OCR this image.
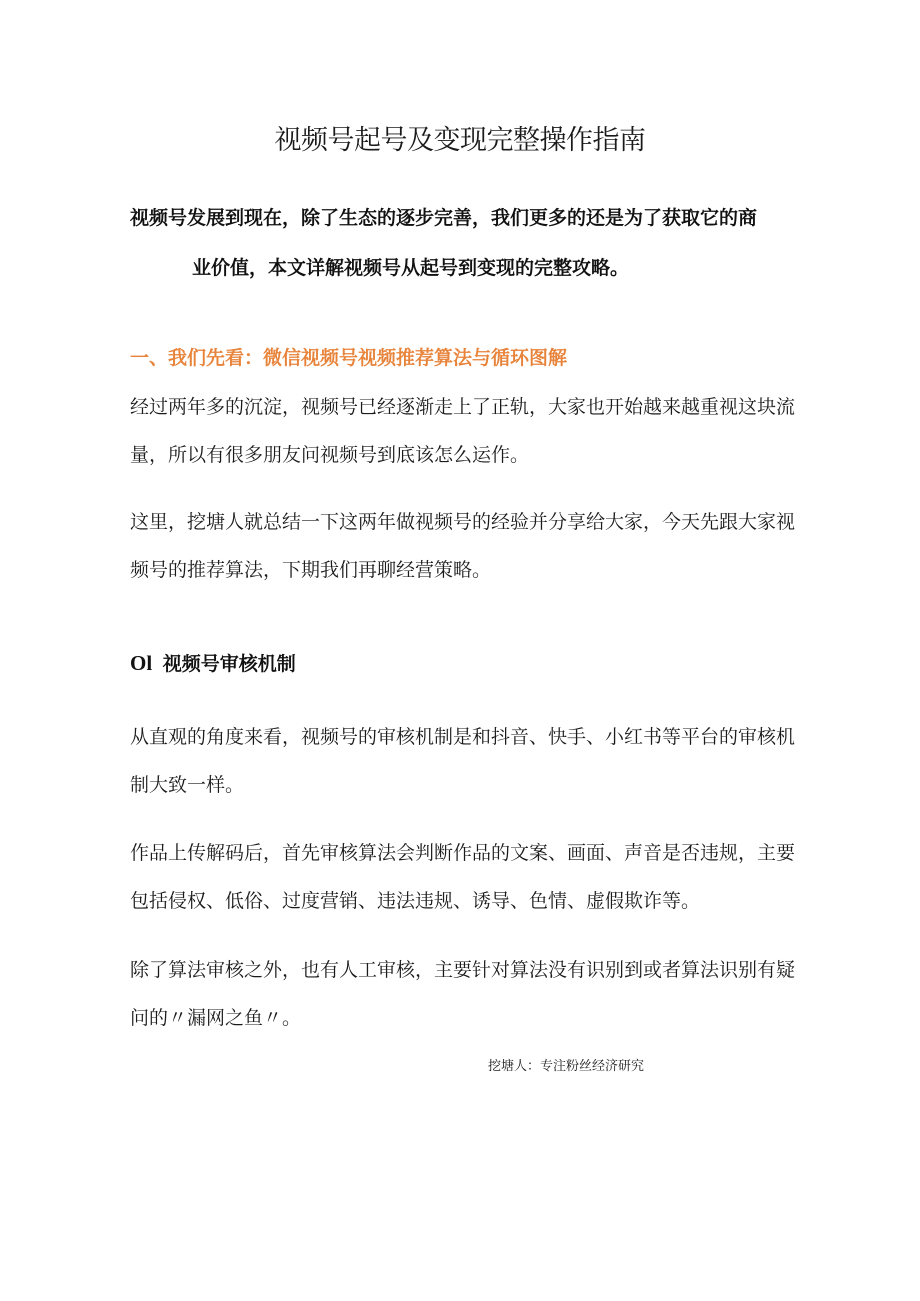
视频号起号及变现完整操作指南

视频号发展到现在，除了生态的逐步完善，我们更多的还是为了获取它的商
业价值，本文详解视频号从起号到变现的完整攻略。

一、我们先看：微信视频号视频推荐算法与循环图解

经过两年多的沉淀，视频号已经逐渐走上了正轨，大家也开始越来越重视这块流量，所以有很多朋友问视频号到底该怎么运作。

这里，挖塘人就总结一下这两年做视频号的经验并分享给大家，今天先跟大家视频号的推荐算法，下期我们再聊经营策略。

Ol 视频号审核机制

从直观的角度来看，视频号的审核机制是和抖音、快手、小红书等平台的审核机制大致一样。

作品上传解码后，首先审核算法会判断作品的文案、画面、声音是否违规，主要包括侵权、低俗、过度营销、违法违规、诱导、色情、虚假欺诈等。

除了算法审核之外，也有人工审核，主要针对算法没有识别到或者算法识别有疑问的〃漏网之鱼〃。

挖塘人：专注粉丝经济研究
